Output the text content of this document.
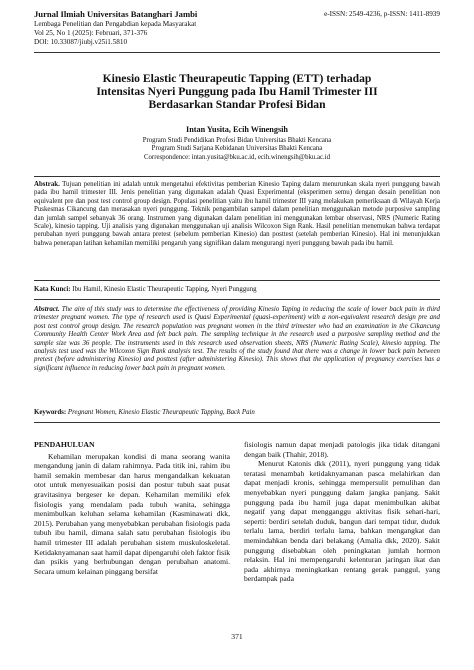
Jurnal Ilmiah Universitas Batanghari Jambi
Lembaga Penelitian dan Pengabdian kepada Masyarakat
Vol 25, No 1 (2025): Februari, 371-376
DOI: 10.33087/jiubj.v25i1.5810
e-ISSN: 2549-4236, p-ISSN: 1411-8939
Kinesio Elastic Theurapeutic Tapping (ETT) terhadap
Intensitas Nyeri Punggung pada Ibu Hamil Trimester III
Berdasarkan Standar Profesi Bidan
Intan Yusita, Ecih Winengsih
Program Studi Pendidikan Profesi Bidan Universitas Bhakti Kencana
Program Studi Sarjana Kebidanan Universitas Bhakti Kencana
Correspondence: intan.yusita@bku.ac.id, ecih.winengsih@bku.ac.id
Abstrak. Tujuan penelitian ini adalah untuk mengetahui efektivitas pemberian Kinesio Taping dalam menurunkan skala nyeri punggung bawah pada ibu hamil trimester III. Jenis penelitian yang digunakan adalah Quasi Experimental (eksperimen semu) dengan desain penelitian non equivalent pre dan post test control group design. Populasi penelitian yaitu ibu hamil trimester III yang melakukan pemeriksaan di Wilayah Kerja Puskesmas Cikancung dan merasakan nyeri punggung. Teknik pengambilan sampel dalam penelitian menggunakan metode purposive sampling dan jumlah sampel sebanyak 36 orang. Instrumen yang digunakan dalam penelitian ini menggunakan lembar observasi, NRS (Numeric Rating Scale), kinesio tapping. Uji analisis yang digunakan menggunakan uji analisis Wilcoxon Sign Rank. Hasil penelitian menemukan bahwa terdapat perubahan nyeri punggung bawah antara pretest (sebelum pemberian Kinesio) dan posttest (setelah pemberian Kinesio). Hal ini menunjukkan bahwa penerapan latihan kehamilan memiliki pengaruh yang signifikan dalam mengurangi nyeri punggung bawah pada ibu hamil.
Kata Kunci: Ibu Hamil, Kinesio Elastic Theurapeutic Tapping, Nyeri Punggung
Abstract. The aim of this study was to determine the effectiveness of providing Kinesio Taping in reducing the scale of lower back pain in third trimester pregnant women. The type of research used is Quasi Experimental (quasi-experiment) with a non-equivalent research design pre and post test control group design. The research population was pregnant women in the third trimester who had an examination in the Cikancung Community Health Center Work Area and felt back pain. The sampling technique in the research used a purposive sampling method and the sample size was 36 people. The instruments used in this research used observation sheets, NRS (Numeric Rating Scale), kinesio tapping. The analysis test used was the Wilcoxon Sign Rank analysis test. The results of the study found that there was a change in lower back pain between pretest (before administering Kinesio) and posttest (after administering Kinesio). This shows that the application of pregnancy exercises has a significant influence in reducing lower back pain in pregnant women.
Keywords: Pregnant Women, Kinesio Elastic Theurapeutic Tapping, Back Pain
PENDAHULUAN

Kehamilan merupakan kondisi di mana seorang wanita mengandung janin di dalam rahimnya. Pada titik ini, rahim ibu hamil semakin membesar dan harus mengandalkan kekuatan otot untuk menyesuaikan posisi dan postur tubuh saat pusat gravitasinya bergeser ke depan. Kehamilan memiliki efek fisiologis yang mendalam pada tubuh wanita, sehingga menimbulkan keluhan selama kehamilan (Kasminawati dkk, 2015). Perubahan yang menyebabkan perubahan fisiologis pada tubuh ibu hamil, dimana salah satu perubahan fisiologis ibu hamil trimester III adalah perubahan sistem muskuloskeletal. Ketidaknyamanan saat hamil dapat dipengaruhi oleh faktor fisik dan psikis yang berhubungan dengan perubahan anatomi. Secara umum kelainan pinggang bersifat

fisiologis namun dapat menjadi patologis jika tidak ditangani dengan baik (Thahir, 2018).

Menurut Katonis dkk (2011), nyeri punggung yang tidak teratasi menambah ketidaknyamanan pasca melahirkan dan dapat menjadi kronis, sehingga mempersulit pemulihan dan menyebabkan nyeri punggung dalam jangka panjang. Sakit punggung pada ibu hamil juga dapat menimbulkan akibat negatif yang dapat mengganggu aktivitas fisik sehari-hari, seperti: berdiri setelah duduk, bangun dari tempat tidur, duduk terlalu lama, berdiri terlalu lama, bahkan mengangkat dan memindahkan benda dari belakang (Amalia dkk, 2020). Sakit punggung disebabkan oleh peningkatan jumlah hormon relaksin. Hal ini mempengaruhi kelenturan jaringan ikat dan pada akhirnya meningkatkan rentang gerak panggul, yang berdampak pada

371
